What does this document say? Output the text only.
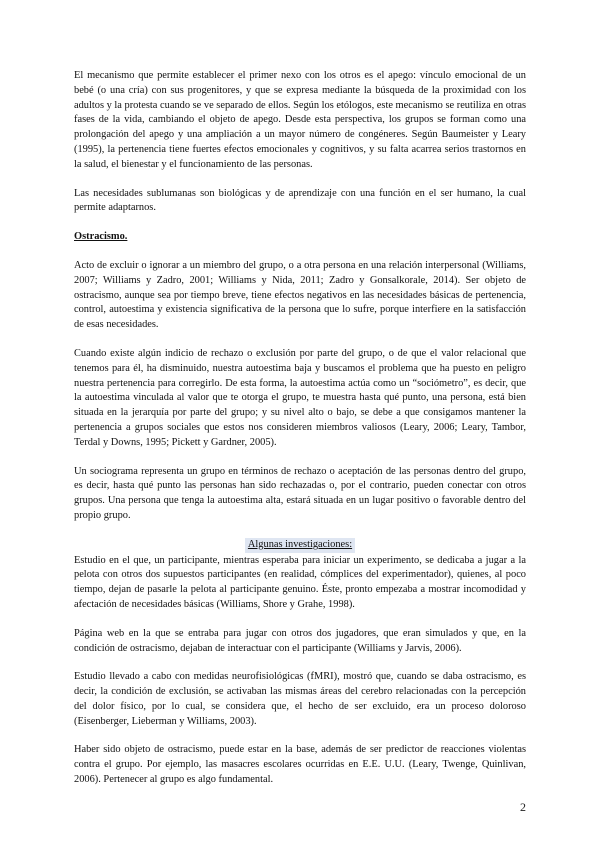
El mecanismo que permite establecer el primer nexo con los otros es el apego: vínculo emocional de un bebé (o una cría) con sus progenitores, y que se expresa mediante la búsqueda de la proximidad con los adultos y la protesta cuando se ve separado de ellos. Según los etólogos, este mecanismo se reutiliza en otras fases de la vida, cambiando el objeto de apego. Desde esta perspectiva, los grupos se forman como una prolongación del apego y una ampliación a un mayor número de congéneres. Según Baumeister y Leary (1995), la pertenencia tiene fuertes efectos emocionales y cognitivos, y su falta acarrea serios trastornos en la salud, el bienestar y el funcionamiento de las personas.

Las necesidades sublumanas son biológicas y de aprendizaje con una función en el ser humano, la cual permite adaptarnos.

Ostracismo.

Acto de excluir o ignorar a un miembro del grupo, o a otra persona en una relación interpersonal (Williams, 2007; Williams y Zadro, 2001; Williams y Nida, 2011; Zadro y Gonsalkorale, 2014). Ser objeto de ostracismo, aunque sea por tiempo breve, tiene efectos negativos en las necesidades básicas de pertenencia, control, autoestima y existencia significativa de la persona que lo sufre, porque interfiere en la satisfacción de esas necesidades.

Cuando existe algún indicio de rechazo o exclusión por parte del grupo, o de que el valor relacional que tenemos para él, ha disminuido, nuestra autoestima baja y buscamos el problema que ha puesto en peligro nuestra pertenencia para corregirlo. De esta forma, la autoestima actúa como un “sociómetro”, es decir, que la autoestima vinculada al valor que te otorga el grupo, te muestra hasta qué punto, una persona, está bien situada en la jerarquía por parte del grupo; y su nivel alto o bajo, se debe a que consigamos mantener la pertenencia a grupos sociales que estos nos consideren miembros valiosos (Leary, 2006; Leary, Tambor, Terdal y Downs, 1995; Pickett y Gardner, 2005).

Un sociograma representa un grupo en términos de rechazo o aceptación de las personas dentro del grupo, es decir, hasta qué punto las personas han sido rechazadas o, por el contrario, pueden conectar con otros grupos. Una persona que tenga la autoestima alta, estará situada en un lugar positivo o favorable dentro del propio grupo.

Algunas investigaciones:

Estudio en el que, un participante, mientras esperaba para iniciar un experimento, se dedicaba a jugar a la pelota con otros dos supuestos participantes (en realidad, cómplices del experimentador), quienes, al poco tiempo, dejan de pasarle la pelota al participante genuino. Éste, pronto empezaba a mostrar incomodidad y afectación de necesidades básicas (Williams, Shore y Grahe, 1998).

Página web en la que se entraba para jugar con otros dos jugadores, que eran simulados y que, en la condición de ostracismo, dejaban de interactuar con el participante (Williams y Jarvis, 2006).

Estudio llevado a cabo con medidas neurofisiológicas (fMRI), mostró que, cuando se daba ostracismo, es decir, la condición de exclusión, se activaban las mismas áreas del cerebro relacionadas con la percepción del dolor físico, por lo cual, se considera que, el hecho de ser excluido, era un proceso doloroso (Eisenberger, Lieberman y Williams, 2003).

Haber sido objeto de ostracismo, puede estar en la base, además de ser predictor de reacciones violentas contra el grupo. Por ejemplo, las masacres escolares ocurridas en E.E. U.U. (Leary, Twenge, Quinlivan, 2006). Pertenecer al grupo es algo fundamental.

2
